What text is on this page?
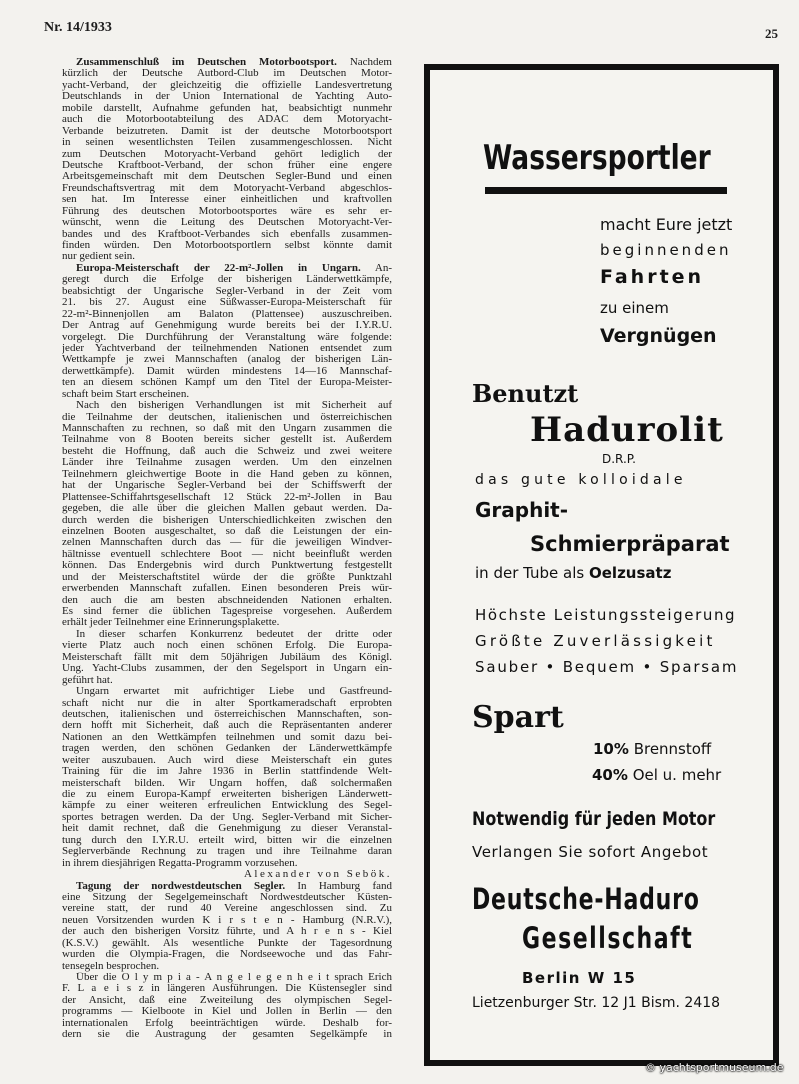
Nr. 14/1933	25
Zusammenschluß im Deutschen Motorbootsport. Nachdem
kürzlich der Deutsche Autbord-Club im Deutschen Motor-
yacht-Verband, der gleichzeitig die offizielle Landesvertretung
Deutschlands in der Union International de Yachting Auto-
mobile darstellt, Aufnahme gefunden hat, beabsichtigt nunmehr
auch die Motorbootabteilung des ADAC dem Motoryacht-
Verbande beizutreten. Damit ist der deutsche Motorbootsport
in seinen wesentlichsten Teilen zusammengeschlossen. Nicht
zum Deutschen Motoryacht-Verband gehört lediglich der
Deutsche Kraftboot-Verband, der schon früher eine engere
Arbeitsgemeinschaft mit dem Deutschen Segler-Bund und einen
Freundschaftsvertrag mit dem Motoryacht-Verband abgeschlos-
sen hat. Im Interesse einer einheitlichen und kraftvollen
Führung des deutschen Motorbootsportes wäre es sehr er-
wünscht, wenn die Leitung des Deutschen Motoryacht-Ver-
bandes und des Kraftboot-Verbandes sich ebenfalls zusammen-
finden würden. Den Motorbootsportlern selbst könnte damit
nur gedient sein.
Europa-Meisterschaft der 22-m²-Jollen in Ungarn. An-
geregt durch die Erfolge der bisherigen Länderwettkämpfe,
beabsichtigt der Ungarische Segler-Verband in der Zeit vom
21. bis 27. August eine Süßwasser-Europa-Meisterschaft für
22-m²-Binnenjollen am Balaton (Plattensee) auszuschreiben.
Der Antrag auf Genehmigung wurde bereits bei der I.Y.R.U.
vorgelegt. Die Durchführung der Veranstaltung wäre folgende:
jeder Yachtverband der teilnehmenden Nationen entsendet zum
Wettkampfe je zwei Mannschaften (analog der bisherigen Län-
derwettkämpfe). Damit würden mindestens 14—16 Mannschaf-
ten an diesem schönen Kampf um den Titel der Europa-Meister-
schaft beim Start erscheinen.
Nach den bisherigen Verhandlungen ist mit Sicherheit auf
die Teilnahme der deutschen, italienischen und österreichischen
Mannschaften zu rechnen, so daß mit den Ungarn zusammen die
Teilnahme von 8 Booten bereits sicher gestellt ist. Außerdem
besteht die Hoffnung, daß auch die Schweiz und zwei weitere
Länder ihre Teilnahme zusagen werden. Um den einzelnen
Teilnehmern gleichwertige Boote in die Hand geben zu können,
hat der Ungarische Segler-Verband bei der Schiffswerft der
Plattensee-Schiffahrtsgesellschaft 12 Stück 22-m²-Jollen in Bau
gegeben, die alle über die gleichen Mallen gebaut werden. Da-
durch werden die bisherigen Unterschiedlichkeiten zwischen den
einzelnen Booten ausgeschaltet, so daß die Leistungen der ein-
zelnen Mannschaften durch das — für die jeweiligen Windver-
hältnisse eventuell schlechtere Boot — nicht beeinflußt werden
können. Das Endergebnis wird durch Punktwertung festgestellt
und der Meisterschaftstitel würde der die größte Punktzahl
erwerbenden Mannschaft zufallen. Einen besonderen Preis wür-
den auch die am besten abschneidenden Nationen erhalten.
Es sind ferner die üblichen Tagespreise vorgesehen. Außerdem
erhält jeder Teilnehmer eine Erinnerungsplakette.
In dieser scharfen Konkurrenz bedeutet der dritte oder
vierte Platz auch noch einen schönen Erfolg. Die Europa-
Meisterschaft fällt mit dem 50jährigen Jubiläum des Königl.
Ung. Yacht-Clubs zusammen, der den Segelsport in Ungarn ein-
geführt hat.
Ungarn erwartet mit aufrichtiger Liebe und Gastfreund-
schaft nicht nur die in alter Sportkameradschaft erprobten
deutschen, italienischen und österreichischen Mannschaften, son-
dern hofft mit Sicherheit, daß auch die Repräsentanten anderer
Nationen an den Wettkämpfen teilnehmen und somit dazu bei-
tragen werden, den schönen Gedanken der Länderwettkämpfe
weiter auszubauen. Auch wird diese Meisterschaft ein gutes
Training für die im Jahre 1936 in Berlin stattfindende Welt-
meisterschaft bilden. Wir Ungarn hoffen, daß solchermaßen
die zu einem Europa-Kampf erweiterten bisherigen Länderwett-
kämpfe zu einer weiteren erfreulichen Entwicklung des Segel-
sportes betragen werden. Da der Ung. Segler-Verband mit Sicher-
heit damit rechnet, daß die Genehmigung zu dieser Veranstal-
tung durch den I.Y.R.U. erteilt wird, bitten wir die einzelnen
Seglerverbände Rechnung zu tragen und ihre Teilnahme daran
in ihrem diesjährigen Regatta-Programm vorzusehen.
Alexander von Sebök.
Tagung der nordwestdeutschen Segler. In Hamburg fand
eine Sitzung der Segelgemeinschaft Nordwestdeutscher Küsten-
vereine statt, der rund 40 Vereine angeschlossen sind. Zu
neuen Vorsitzenden wurden K i r s t e n - Hamburg (N.R.V.),
der auch den bisherigen Vorsitz führte, und A h r e n s - Kiel
(K.S.V.) gewählt. Als wesentliche Punkte der Tagesordnung
wurden die Olympia-Fragen, die Nordseewoche und das Fahr-
tensegeln besprochen.
Über die O l y m p i a - A n g e l e g e n h e i t sprach Erich
F. L a e i s z in längeren Ausführungen. Die Küstensegler sind
der Ansicht, daß eine Zweiteilung des olympischen Segel-
programms — Kielboote in Kiel und Jollen in Berlin — den
internationalen Erfolg beeinträchtigen würde. Deshalb for-
dern sie die Austragung der gesamten Segelkämpfe in
Wassersportler
macht Eure jetzt
beginnenden
Fahrten
zu einem
Vergnügen
Benutzt
Hadurolit
D.R.P.
das gute kolloidale
Graphit-
Schmierpräparat
in der Tube als Oelzusatz
Höchste Leistungssteigerung
Größte Zuverlässigkeit
Sauber • Bequem • Sparsam
Spart
10% Brennstoff
40% Oel u. mehr
Notwendig für jeden Motor
Verlangen Sie sofort Angebot
Deutsche-Haduro
Gesellschaft
Berlin W 15
Lietzenburger Str. 12 J1 Bism. 2418
© yachtsportmuseum.de
